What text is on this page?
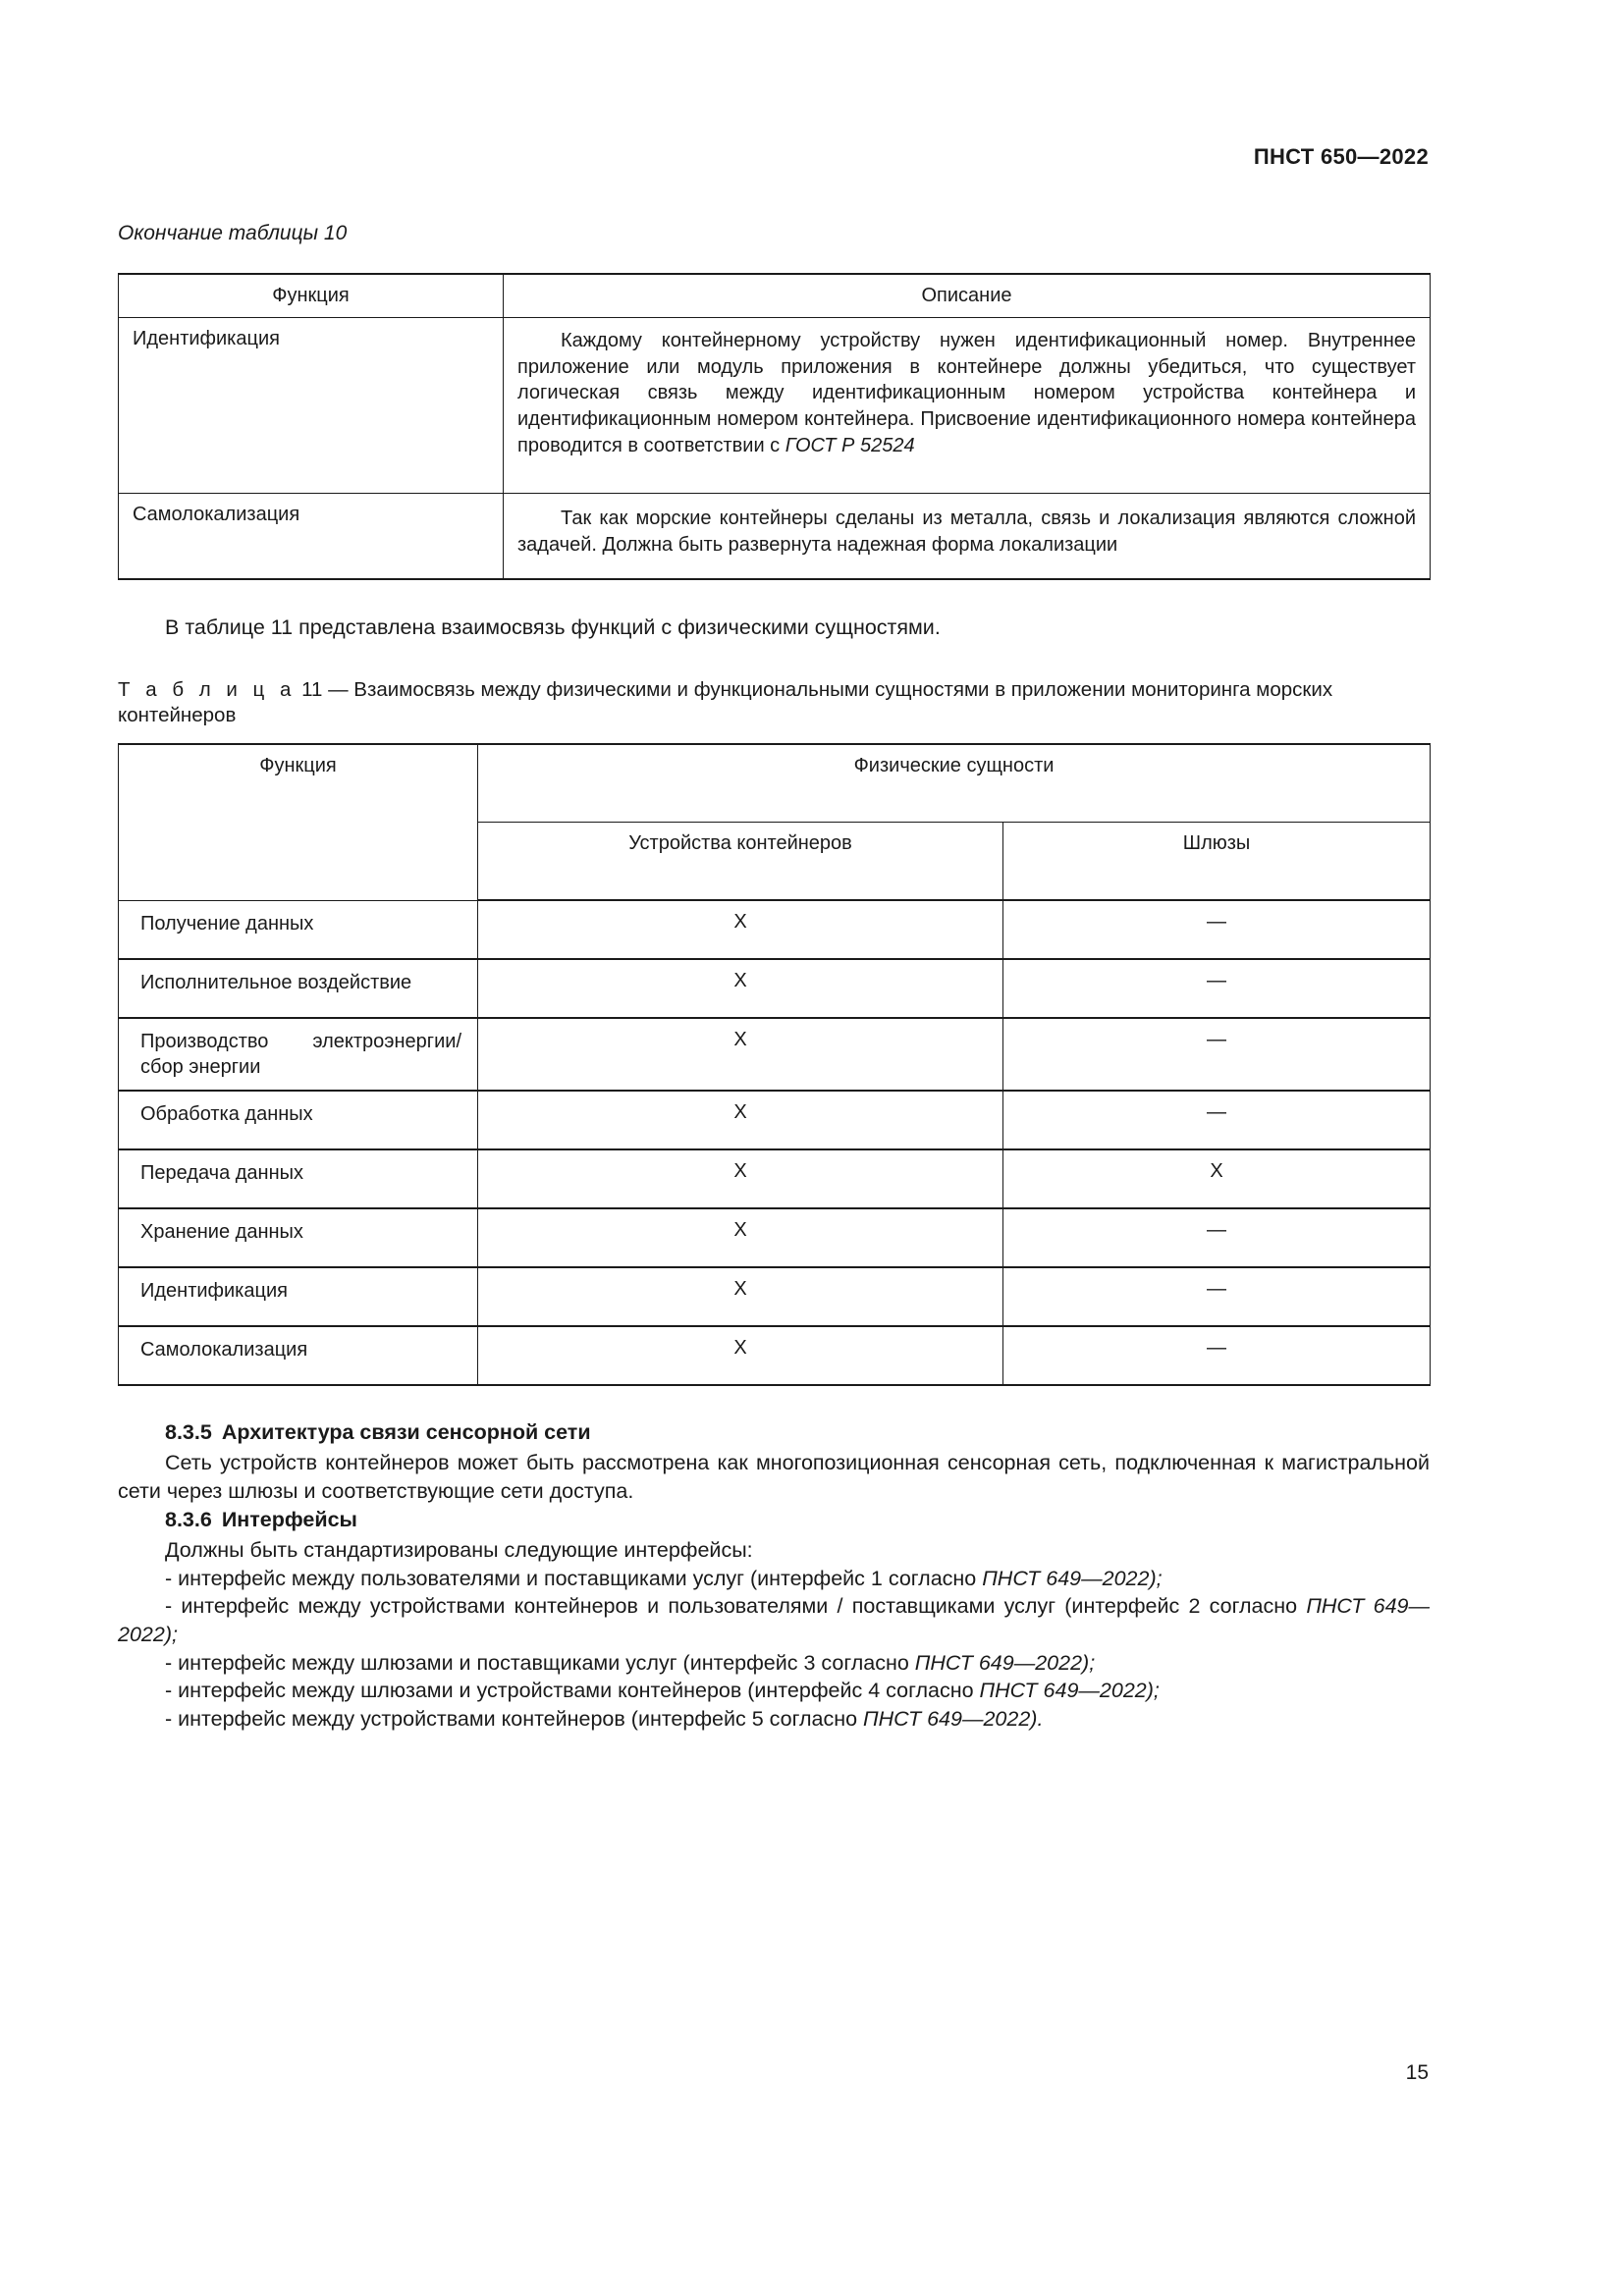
ПНСТ 650—2022
Окончание таблицы 10
Функция	Описание
Идентификация	Каждому контейнерному устройству нужен идентификационный номер. Внутреннее приложение или модуль приложения в контейнере должны убедиться, что существует логическая связь между идентификационным номером устройства контейнера и идентификационным номером контейнера. Присвоение идентификационного номера контейнера проводится в соответствии с ГОСТ Р 52524

Самолокализация	Так как морские контейнеры сделаны из металла, связь и локализация являются сложной задачей. Должна быть развернута надежная форма локализации

В таблице 11 представлена взаимосвязь функций с физическими сущностями.

Т а б л и ц а 11 — Взаимосвязь между физическими и функциональными сущностями в приложении мониторинга морских контейнеров
Функция	Физические сущности	
	Устройства контейнеров	Шлюзы
Получение данных	X	—
Исполнительное воздействие	X	—
Производство электроэнергии/сбор энергии	X	—
Обработка данных	X	—
Передача данных	X	X
Хранение данных	X	—
Идентификация	X	—
Самолокализация	X	—
8.3.5 Архитектура связи сенсорной сети

Сеть устройств контейнеров может быть рассмотрена как многопозиционная сенсорная сеть, подключенная к магистральной сети через шлюзы и соответствующие сети доступа.

8.3.6 Интерфейсы

Должны быть стандартизированы следующие интерфейсы:

- интерфейс между пользователями и поставщиками услуг (интерфейс 1 согласно ПНСТ 649—2022);

- интерфейс между устройствами контейнеров и пользователями / поставщиками услуг (интерфейс 2 согласно ПНСТ 649—2022);

- интерфейс между шлюзами и поставщиками услуг (интерфейс 3 согласно ПНСТ 649—2022);

- интерфейс между шлюзами и устройствами контейнеров (интерфейс 4 согласно ПНСТ 649—2022);

- интерфейс между устройствами контейнеров (интерфейс 5 согласно ПНСТ 649—2022).

15
